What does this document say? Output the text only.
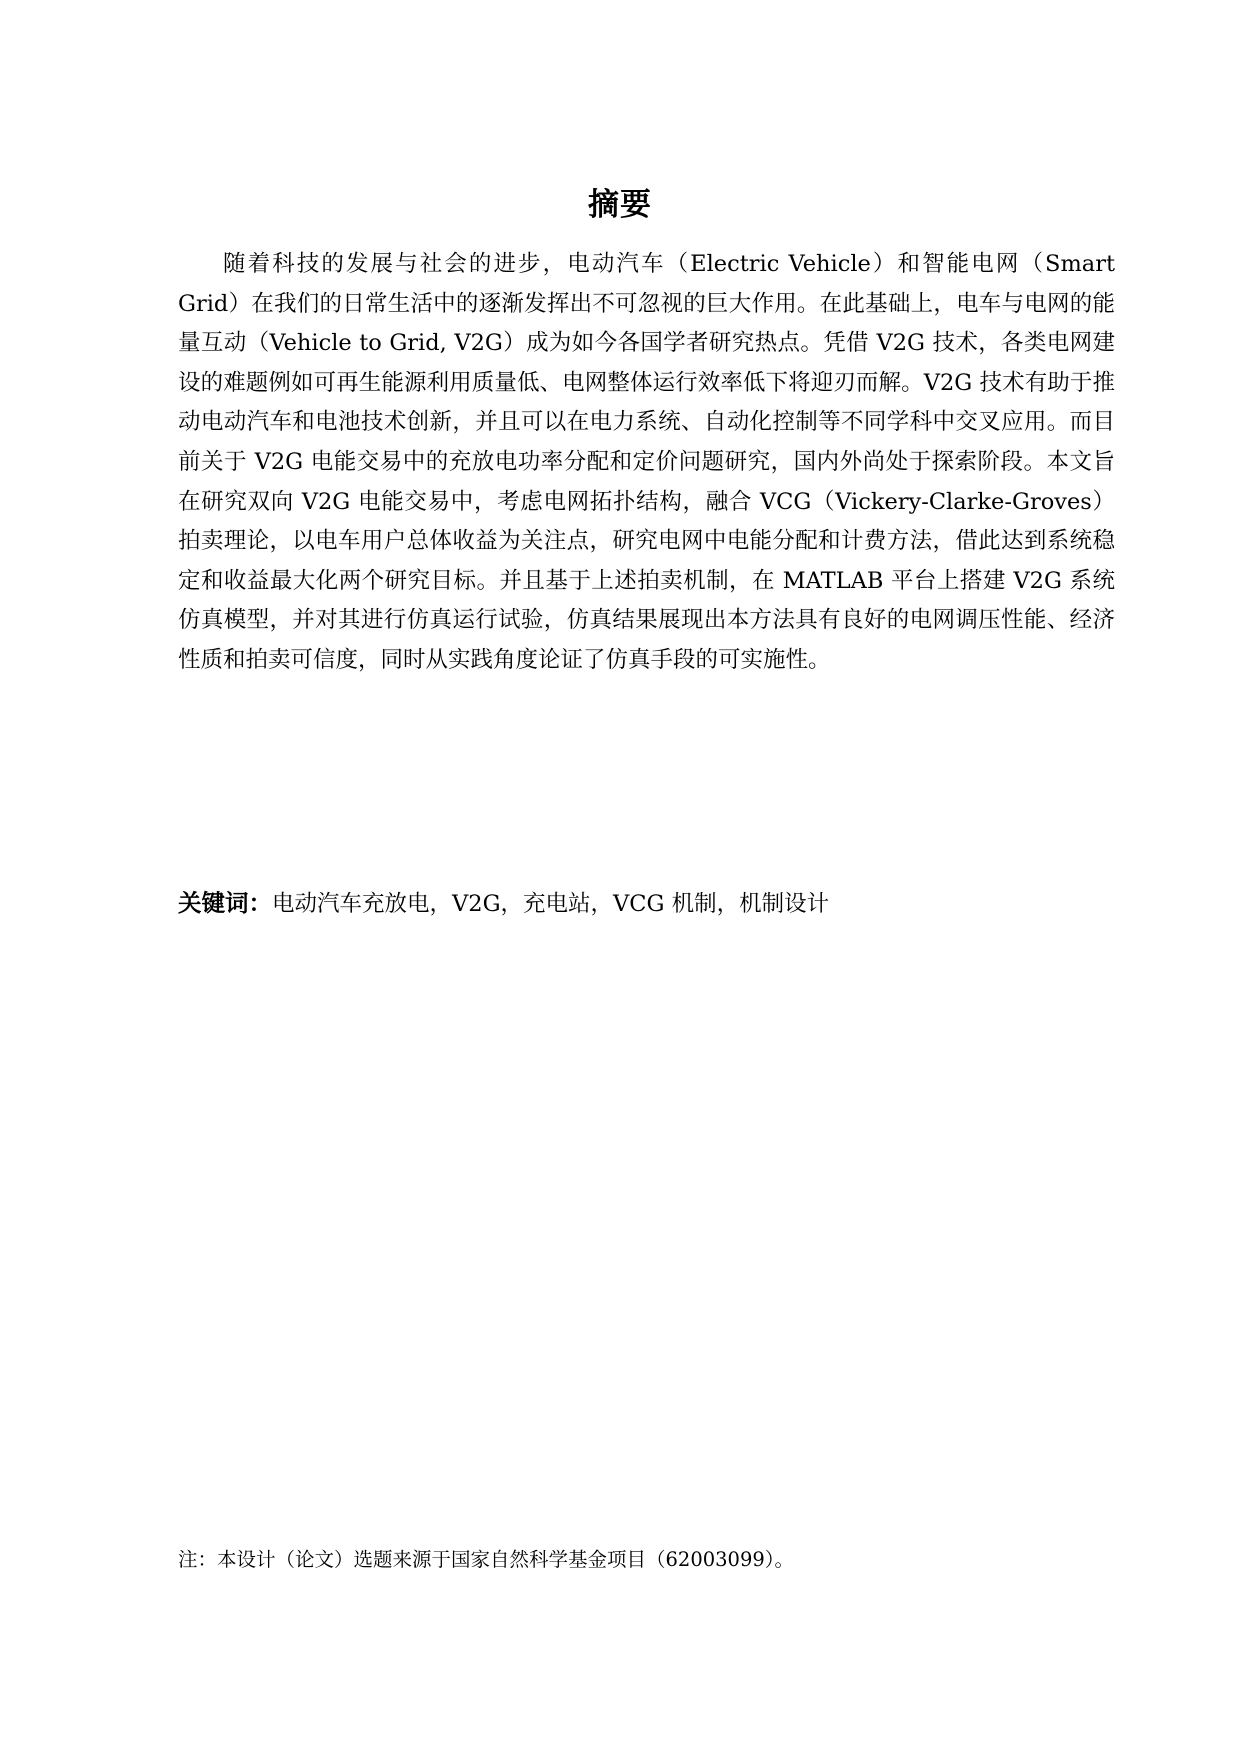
摘要

随着科技的发展与社会的进步，电动汽车（Electric Vehicle）和智能电网（Smart Grid）在我们的日常生活中的逐渐发挥出不可忽视的巨大作用。在此基础上，电车与电网的能量互动（Vehicle to Grid, V2G）成为如今各国学者研究热点。凭借 V2G 技术，各类电网建设的难题例如可再生能源利用质量低、电网整体运行效率低下将迎刃而解。V2G 技术有助于推动电动汽车和电池技术创新，并且可以在电力系统、自动化控制等不同学科中交叉应用。而目前关于 V2G 电能交易中的充放电功率分配和定价问题研究，国内外尚处于探索阶段。本文旨在研究双向 V2G 电能交易中，考虑电网拓扑结构，融合 VCG（Vickery-Clarke-Groves）拍卖理论，以电车用户总体收益为关注点，研究电网中电能分配和计费方法，借此达到系统稳定和收益最大化两个研究目标。并且基于上述拍卖机制，在 MATLAB 平台上搭建 V2G 系统仿真模型，并对其进行仿真运行试验，仿真结果展现出本方法具有良好的电网调压性能、经济性质和拍卖可信度，同时从实践角度论证了仿真手段的可实施性。

关键词：电动汽车充放电，V2G，充电站，VCG 机制，机制设计
注：本设计（论文）选题来源于国家自然科学基金项目（62003099）。
